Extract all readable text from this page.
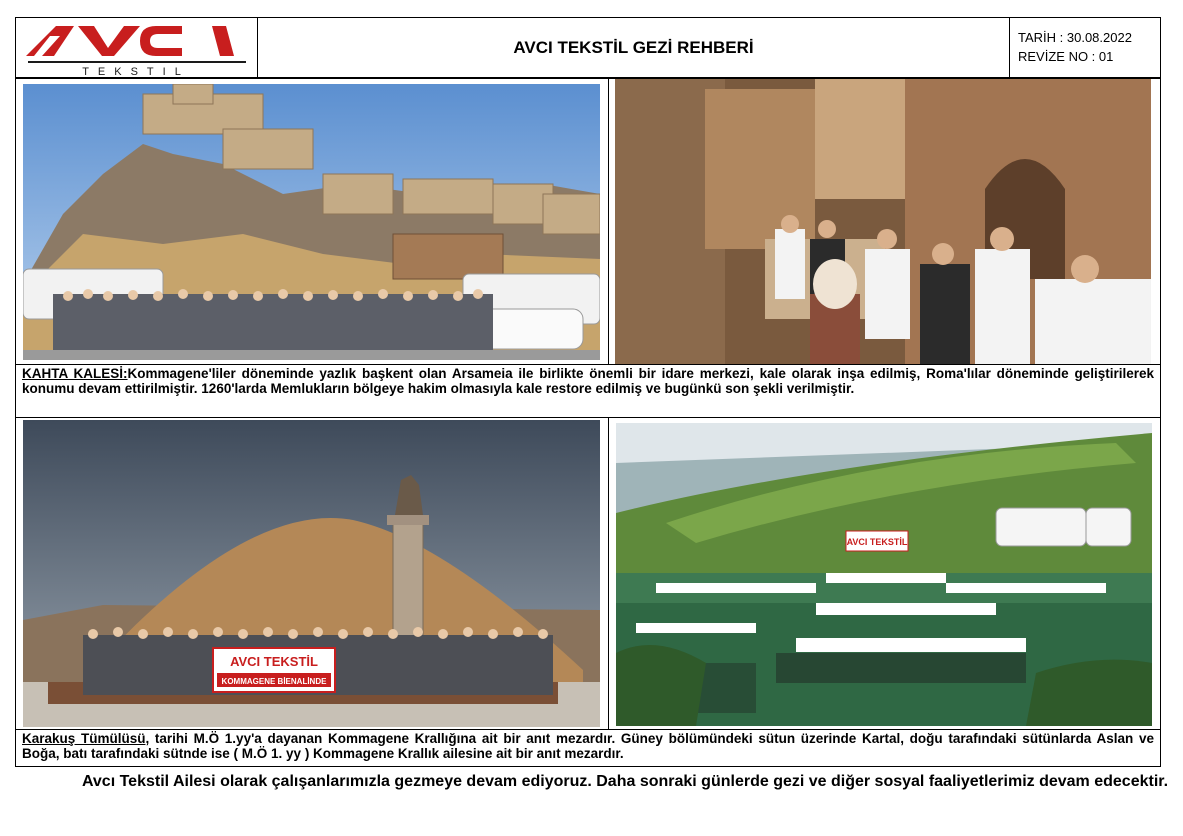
TEKSTIL
AVCI TEKSTİL GEZİ REHBERİ	TARİH : 30.08.2022
REVİZE NO : 01
KAHTA KALESİ:Kommagene'liler döneminde yazlık başkent olan Arsameia ile birlikte önemli bir idare merkezi, kale olarak inşa edilmiş, Roma'lılar döneminde geliştirilerek konumu devam ettirilmiştir. 1260'larda Memlukların bölgeye hakim olmasıyla kale restore edilmiş ve bugünkü son şekli verilmiştir.
AVCI TEKSTİL
KOMMAGENE BİENALİNDE
AVCI TEKSTİL
Karakuş Tümülüsü, tarihi M.Ö 1.yy'a dayanan Kommagene Krallığına ait bir anıt mezardır. Güney bölümündeki sütun üzerinde Kartal, doğu tarafındaki sütünlarda Aslan ve Boğa, batı tarafındaki sütnde ise ( M.Ö 1. yy ) Kommagene Krallık ailesine ait bir anıt mezardır.
Avcı Tekstil Ailesi olarak çalışanlarımızla gezmeye devam ediyoruz. Daha sonraki günlerde gezi ve diğer sosyal faaliyetlerimiz devam edecektir.
